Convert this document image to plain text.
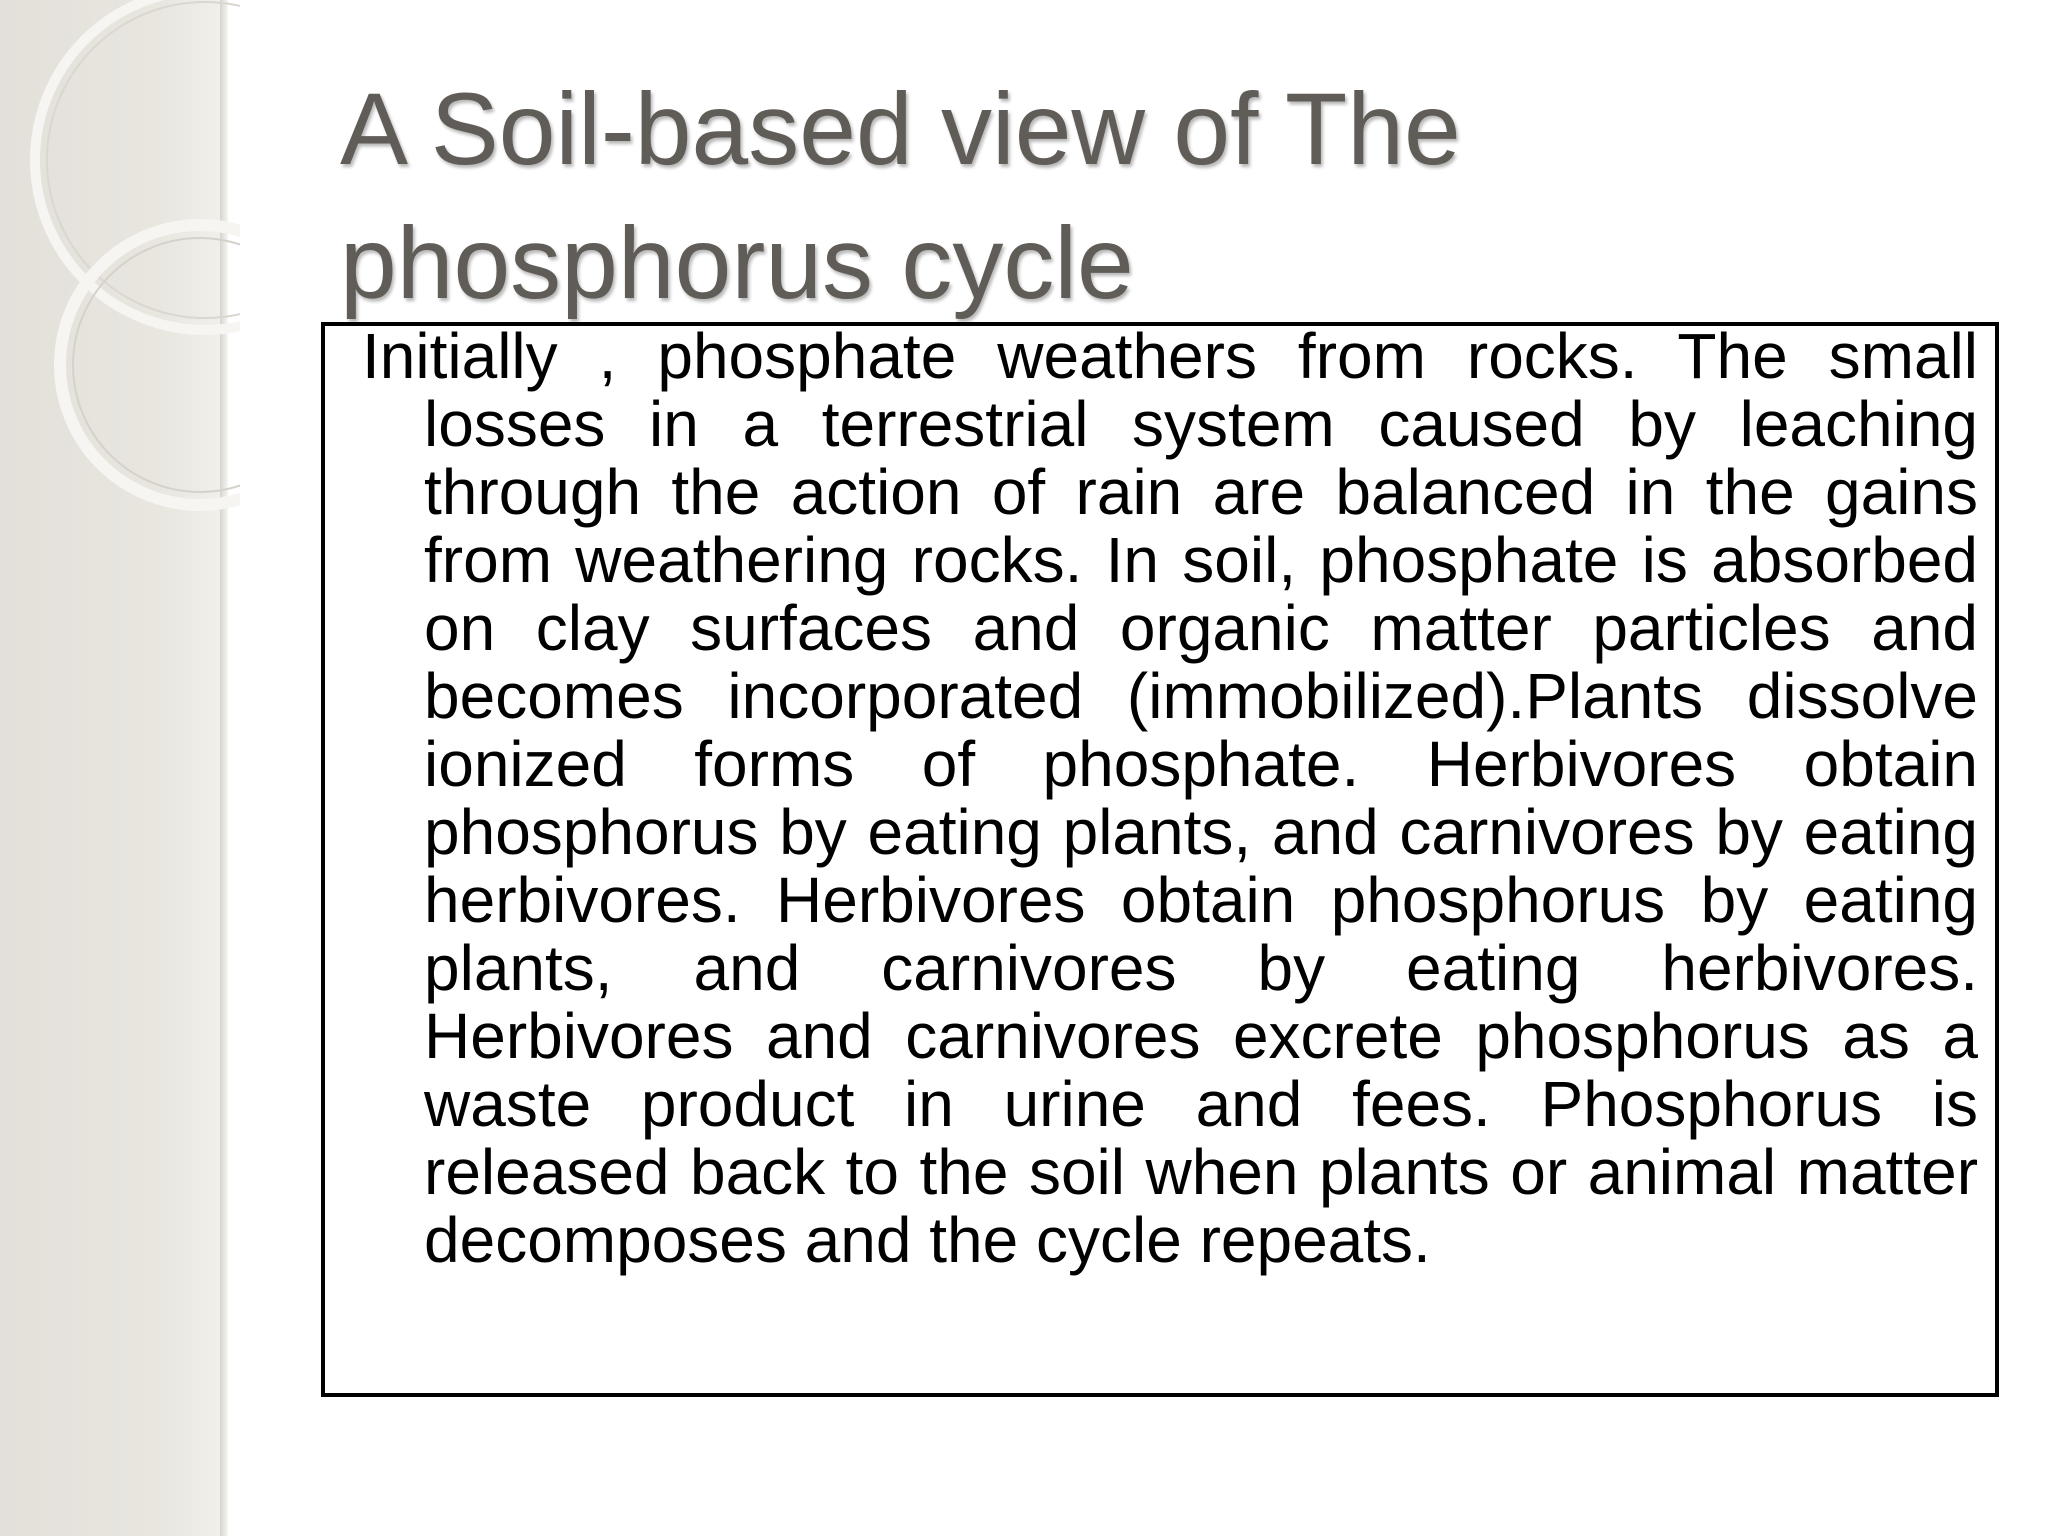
A Soil-based view of The phosphorus cycle

Initially , phosphate weathers from rocks. The small losses in a terrestrial system caused by leaching through the action of rain are balanced in the gains from weathering rocks. In soil, phosphate is absorbed on clay surfaces and organic matter particles and becomes incorporated (immobilized).Plants dissolve ionized forms of phosphate. Herbivores obtain phosphorus by eating plants, and carnivores by eating herbivores. Herbivores obtain phosphorus by eating plants, and carnivores by eating herbivores. Herbivores and carnivores excrete phosphorus as a waste product in urine and fees. Phosphorus is released back to the soil when plants or animal matter decomposes and the cycle repeats.
